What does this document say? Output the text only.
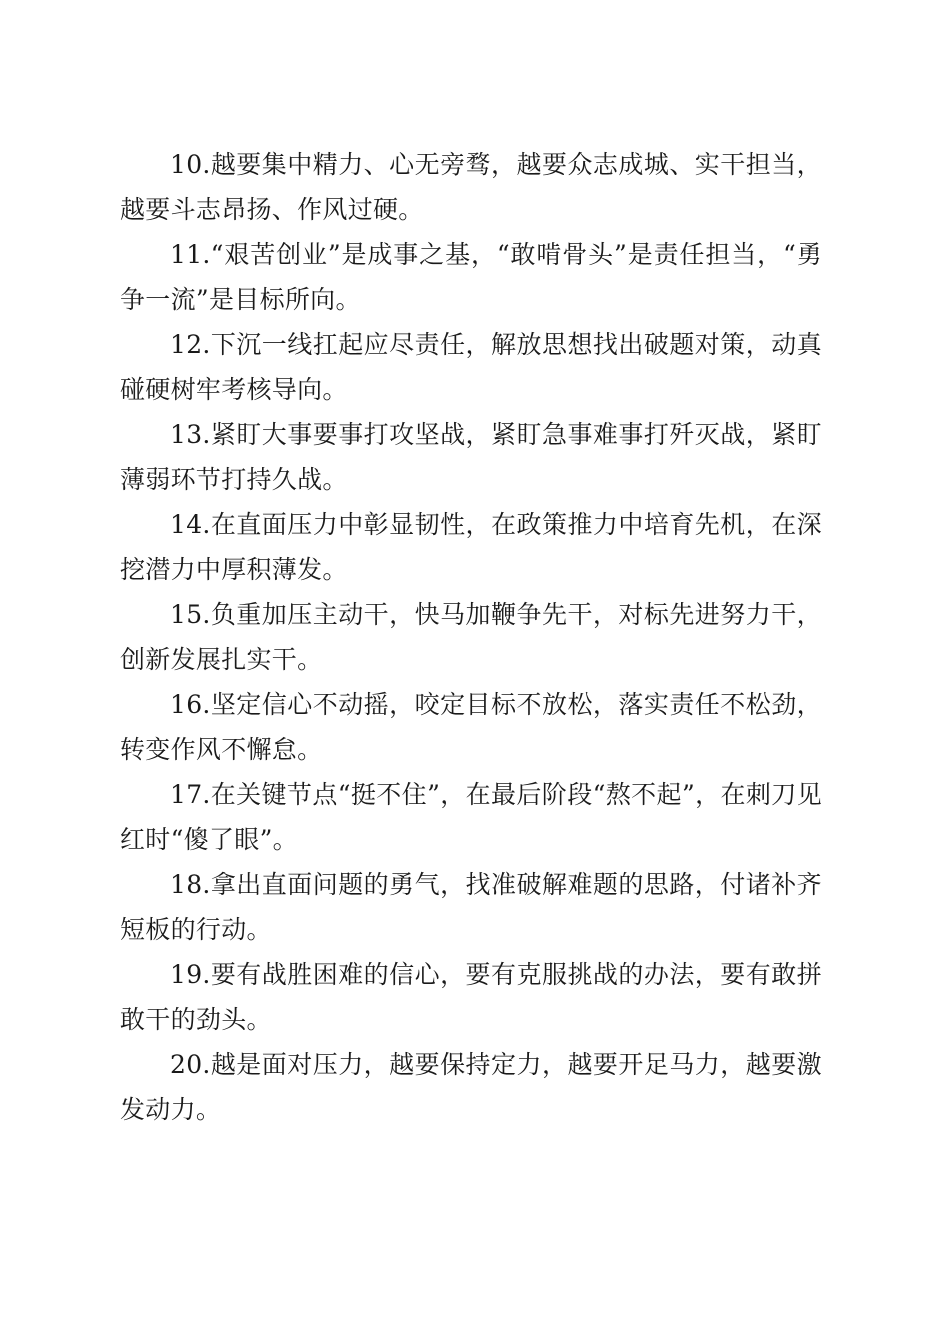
10.越要集中精力、心无旁骛，越要众志成城、实干担当，越要斗志昂扬、作风过硬。

11.“艰苦创业”是成事之基，“敢啃骨头”是责任担当，“勇争一流”是目标所向。

12.下沉一线扛起应尽责任，解放思想找出破题对策，动真碰硬树牢考核导向。

13.紧盯大事要事打攻坚战，紧盯急事难事打歼灭战，紧盯薄弱环节打持久战。

14.在直面压力中彰显韧性，在政策推力中培育先机，在深挖潜力中厚积薄发。

15.负重加压主动干，快马加鞭争先干，对标先进努力干，创新发展扎实干。

16.坚定信心不动摇，咬定目标不放松，落实责任不松劲，转变作风不懈怠。

17.在关键节点“挺不住”，在最后阶段“熬不起”，在刺刀见红时“傻了眼”。

18.拿出直面问题的勇气，找准破解难题的思路，付诸补齐短板的行动。

19.要有战胜困难的信心，要有克服挑战的办法，要有敢拼敢干的劲头。

20.越是面对压力，越要保持定力，越要开足马力，越要激发动力。
